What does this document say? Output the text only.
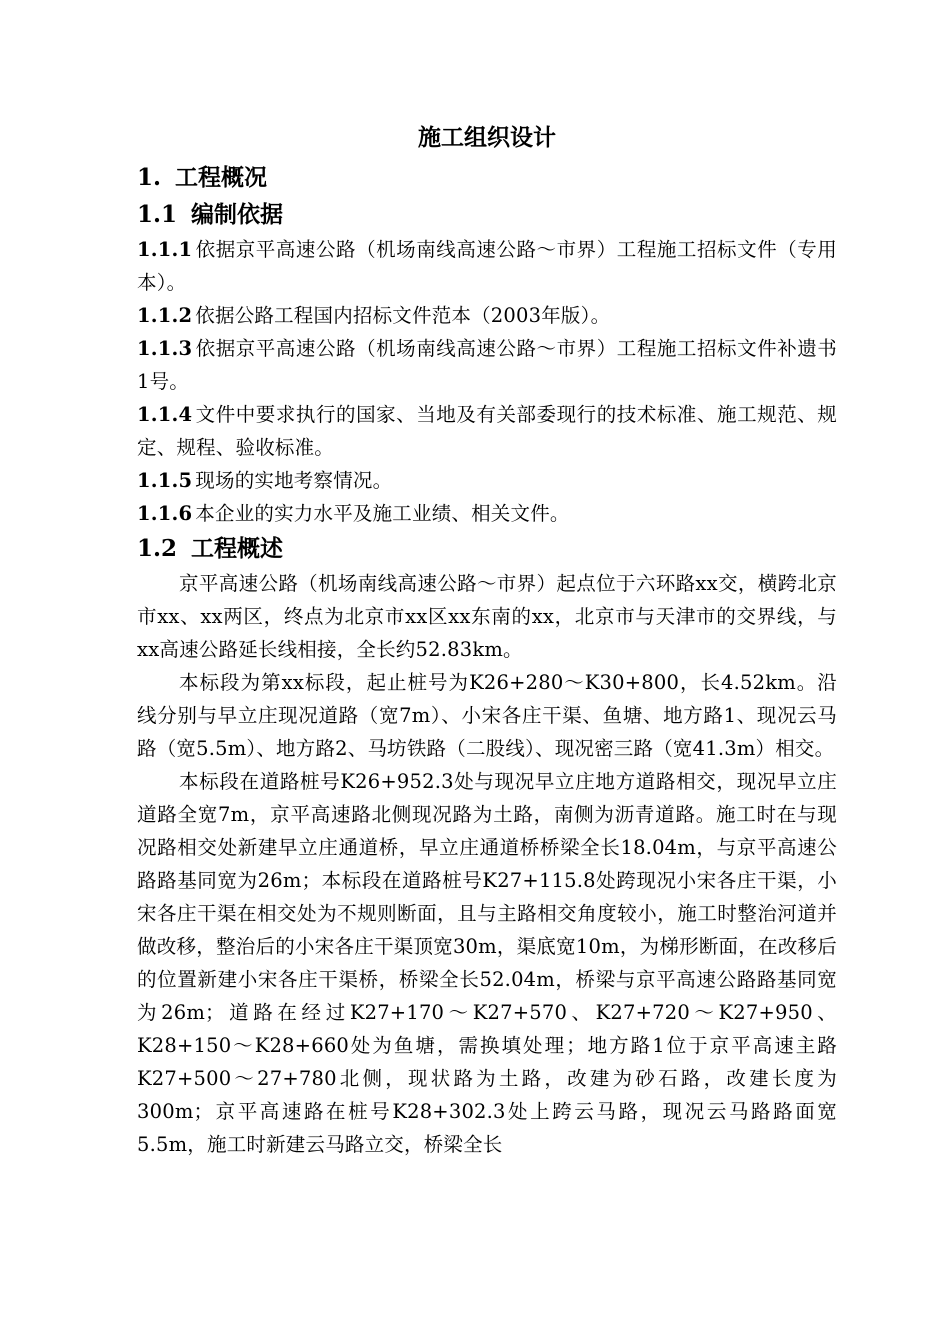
施工组织设计
1. 工程概况
1.1 编制依据

1.1.1 依据京平高速公路（机场南线高速公路～市界）工程施工招标文件（专用本）。

1.1.2 依据公路工程国内招标文件范本（2003年版）。

1.1.3 依据京平高速公路（机场南线高速公路～市界）工程施工招标文件补遗书1号。

1.1.4 文件中要求执行的国家、当地及有关部委现行的技术标准、施工规范、规定、规程、验收标准。

1.1.5 现场的实地考察情况。

1.1.6 本企业的实力水平及施工业绩、相关文件。

1.2 工程概述

京平高速公路（机场南线高速公路～市界）起点位于六环路xx交，横跨北京市xx、xx两区，终点为北京市xx区xx东南的xx，北京市与天津市的交界线，与xx高速公路延长线相接，全长约52.83km。

本标段为第xx标段，起止桩号为K26+280～K30+800，长4.52km。沿线分别与早立庄现况道路（宽7m）、小宋各庄干渠、鱼塘、地方路1、现况云马路（宽5.5m）、地方路2、马坊铁路（二股线）、现况密三路（宽41.3m）相交。

本标段在道路桩号K26+952.3处与现况早立庄地方道路相交，现况早立庄道路全宽7m，京平高速路北侧现况路为土路，南侧为沥青道路。施工时在与现况路相交处新建早立庄通道桥，早立庄通道桥桥梁全长18.04m，与京平高速公路路基同宽为26m；本标段在道路桩号K27+115.8处跨现况小宋各庄干渠，小宋各庄干渠在相交处为不规则断面，且与主路相交角度较小，施工时整治河道并做改移，整治后的小宋各庄干渠顶宽30m，渠底宽10m，为梯形断面，在改移后的位置新建小宋各庄干渠桥，桥梁全长52.04m，桥梁与京平高速公路路基同宽为26m；道路在经过K27+170～K27+570、K27+720～K27+950、K28+150～K28+660处为鱼塘，需换填处理；地方路1位于京平高速主路K27+500～27+780北侧，现状路为土路，改建为砂石路，改建长度为300m；京平高速路在桩号K28+302.3处上跨云马路，现况云马路路面宽5.5m，施工时新建云马路立交，桥梁全长
